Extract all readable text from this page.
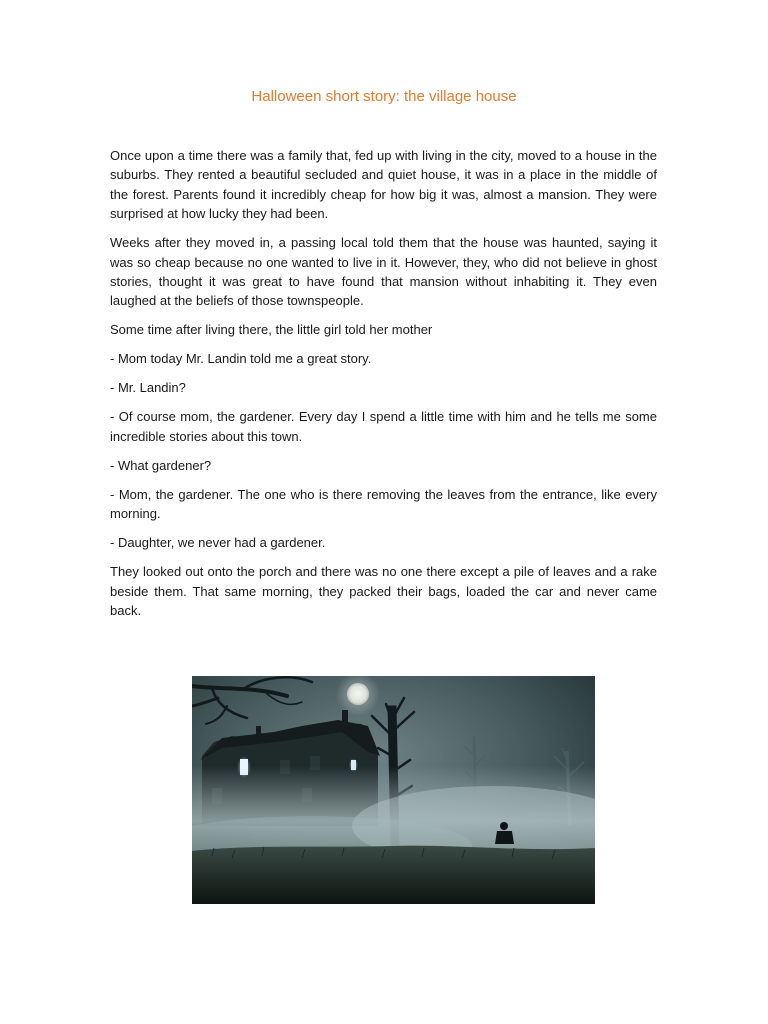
Halloween short story: the village house

Once upon a time there was a family that, fed up with living in the city, moved to a house in the suburbs. They rented a beautiful secluded and quiet house, it was in a place in the middle of the forest. Parents found it incredibly cheap for how big it was, almost a mansion. They were surprised at how lucky they had been.

Weeks after they moved in, a passing local told them that the house was haunted, saying it was so cheap because no one wanted to live in it. However, they, who did not believe in ghost stories, thought it was great to have found that mansion without inhabiting it. They even laughed at the beliefs of those townspeople.

Some time after living there, the little girl told her mother

- Mom today Mr. Landin told me a great story.

- Mr. Landin?

- Of course mom, the gardener. Every day I spend a little time with him and he tells me some incredible stories about this town.

- What gardener?

- Mom, the gardener. The one who is there removing the leaves from the entrance, like every morning.

- Daughter, we never had a gardener.

They looked out onto the porch and there was no one there except a pile of leaves and a rake beside them. That same morning, they packed their bags, loaded the car and never came back.
